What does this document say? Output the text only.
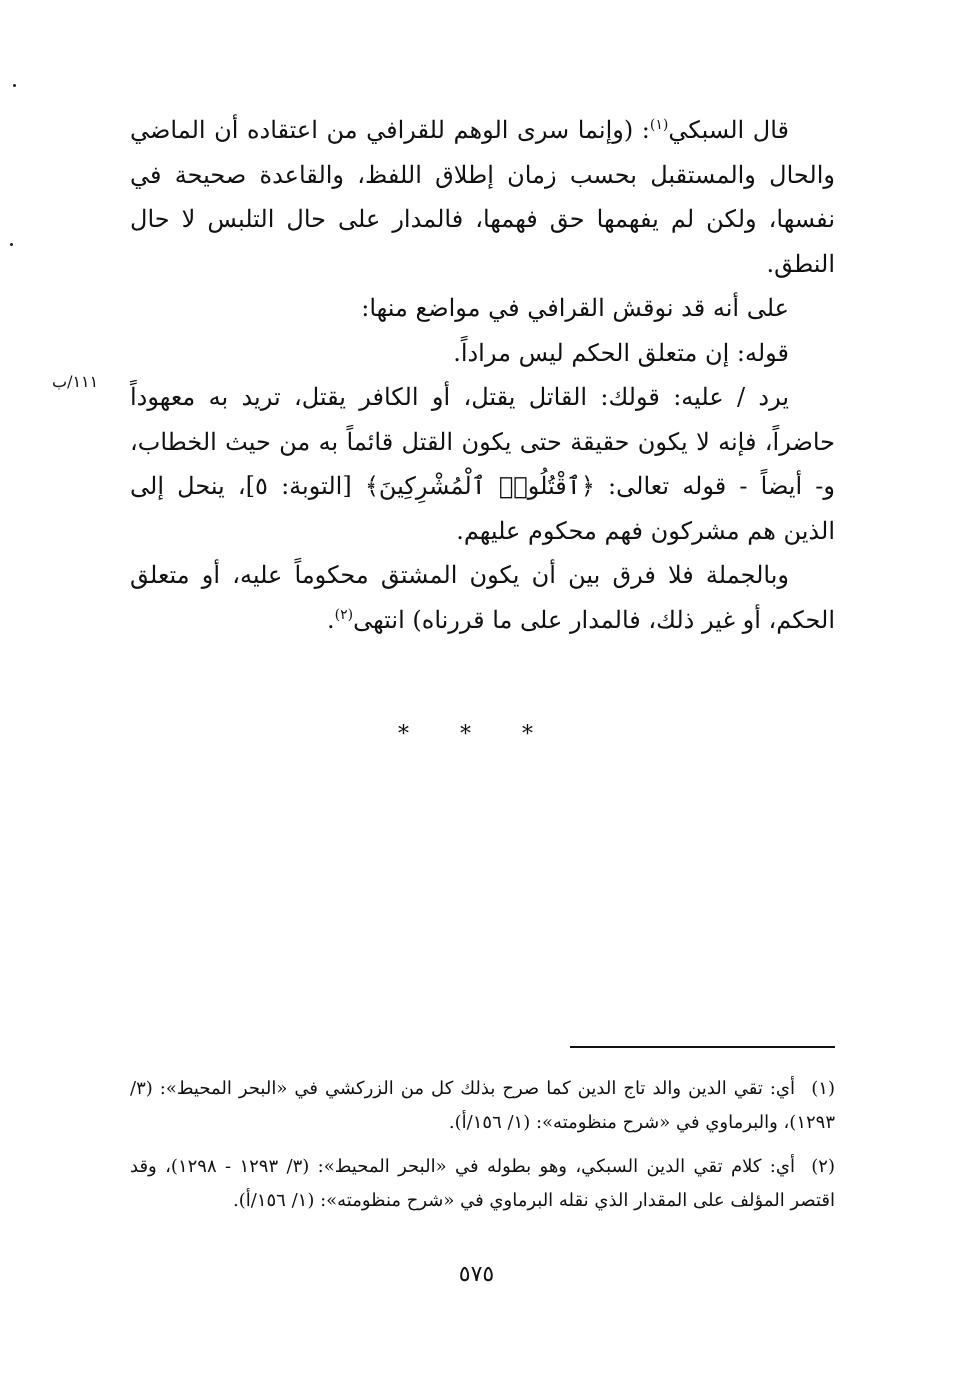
قال السبكي$^{(١)}$: (وإنما سرى الوهم للقرافي من اعتقاده أن الماضي والحال والمستقبل بحسب زمان إطلاق اللفظ، والقاعدة صحيحة في نفسها، ولكن لم يفهمها حق فهمها، فالمدار على حال التلبس لا حال النطق.

على أنه قد نوقش القرافي في مواضع منها:

قوله: إن متعلق الحكم ليس مراداً.

يرد / عليه: قولك: القاتل يقتل، أو الكافر يقتل، تريد به معهوداً حاضراً، فإنه لا يكون حقيقة حتى يكون القتل قائماً به من حيث الخطاب، و- أيضاً - قوله تعالى: ﴿ٱقْتُلُوا۟ ٱلْمُشْرِكِينَ﴾ [التوبة: ٥]، ينحل إلى الذين هم مشركون فهم محكوم عليهم.

وبالجملة فلا فرق بين أن يكون المشتق محكوماً عليه، أو متعلق الحكم، أو غير ذلك، فالمدار على ما قررناه) انتهى$^{(٢)}$.

١١١/ب
* * *
(١)أي: تقي الدين والد تاج الدين كما صرح بذلك كل من الزركشي في «البحر المحيط»: (٣/ ١٢٩٣)، والبرماوي في «شرح منظومته»: (١/ ١٥٦/أ).
(٢)أي: كلام تقي الدين السبكي، وهو بطوله في «البحر المحيط»: (٣/ ١٢٩٣ - ١٢٩٨)، وقد اقتصر المؤلف على المقدار الذي نقله البرماوي في «شرح منظومته»: (١/ ١٥٦/أ).
٥٧٥
